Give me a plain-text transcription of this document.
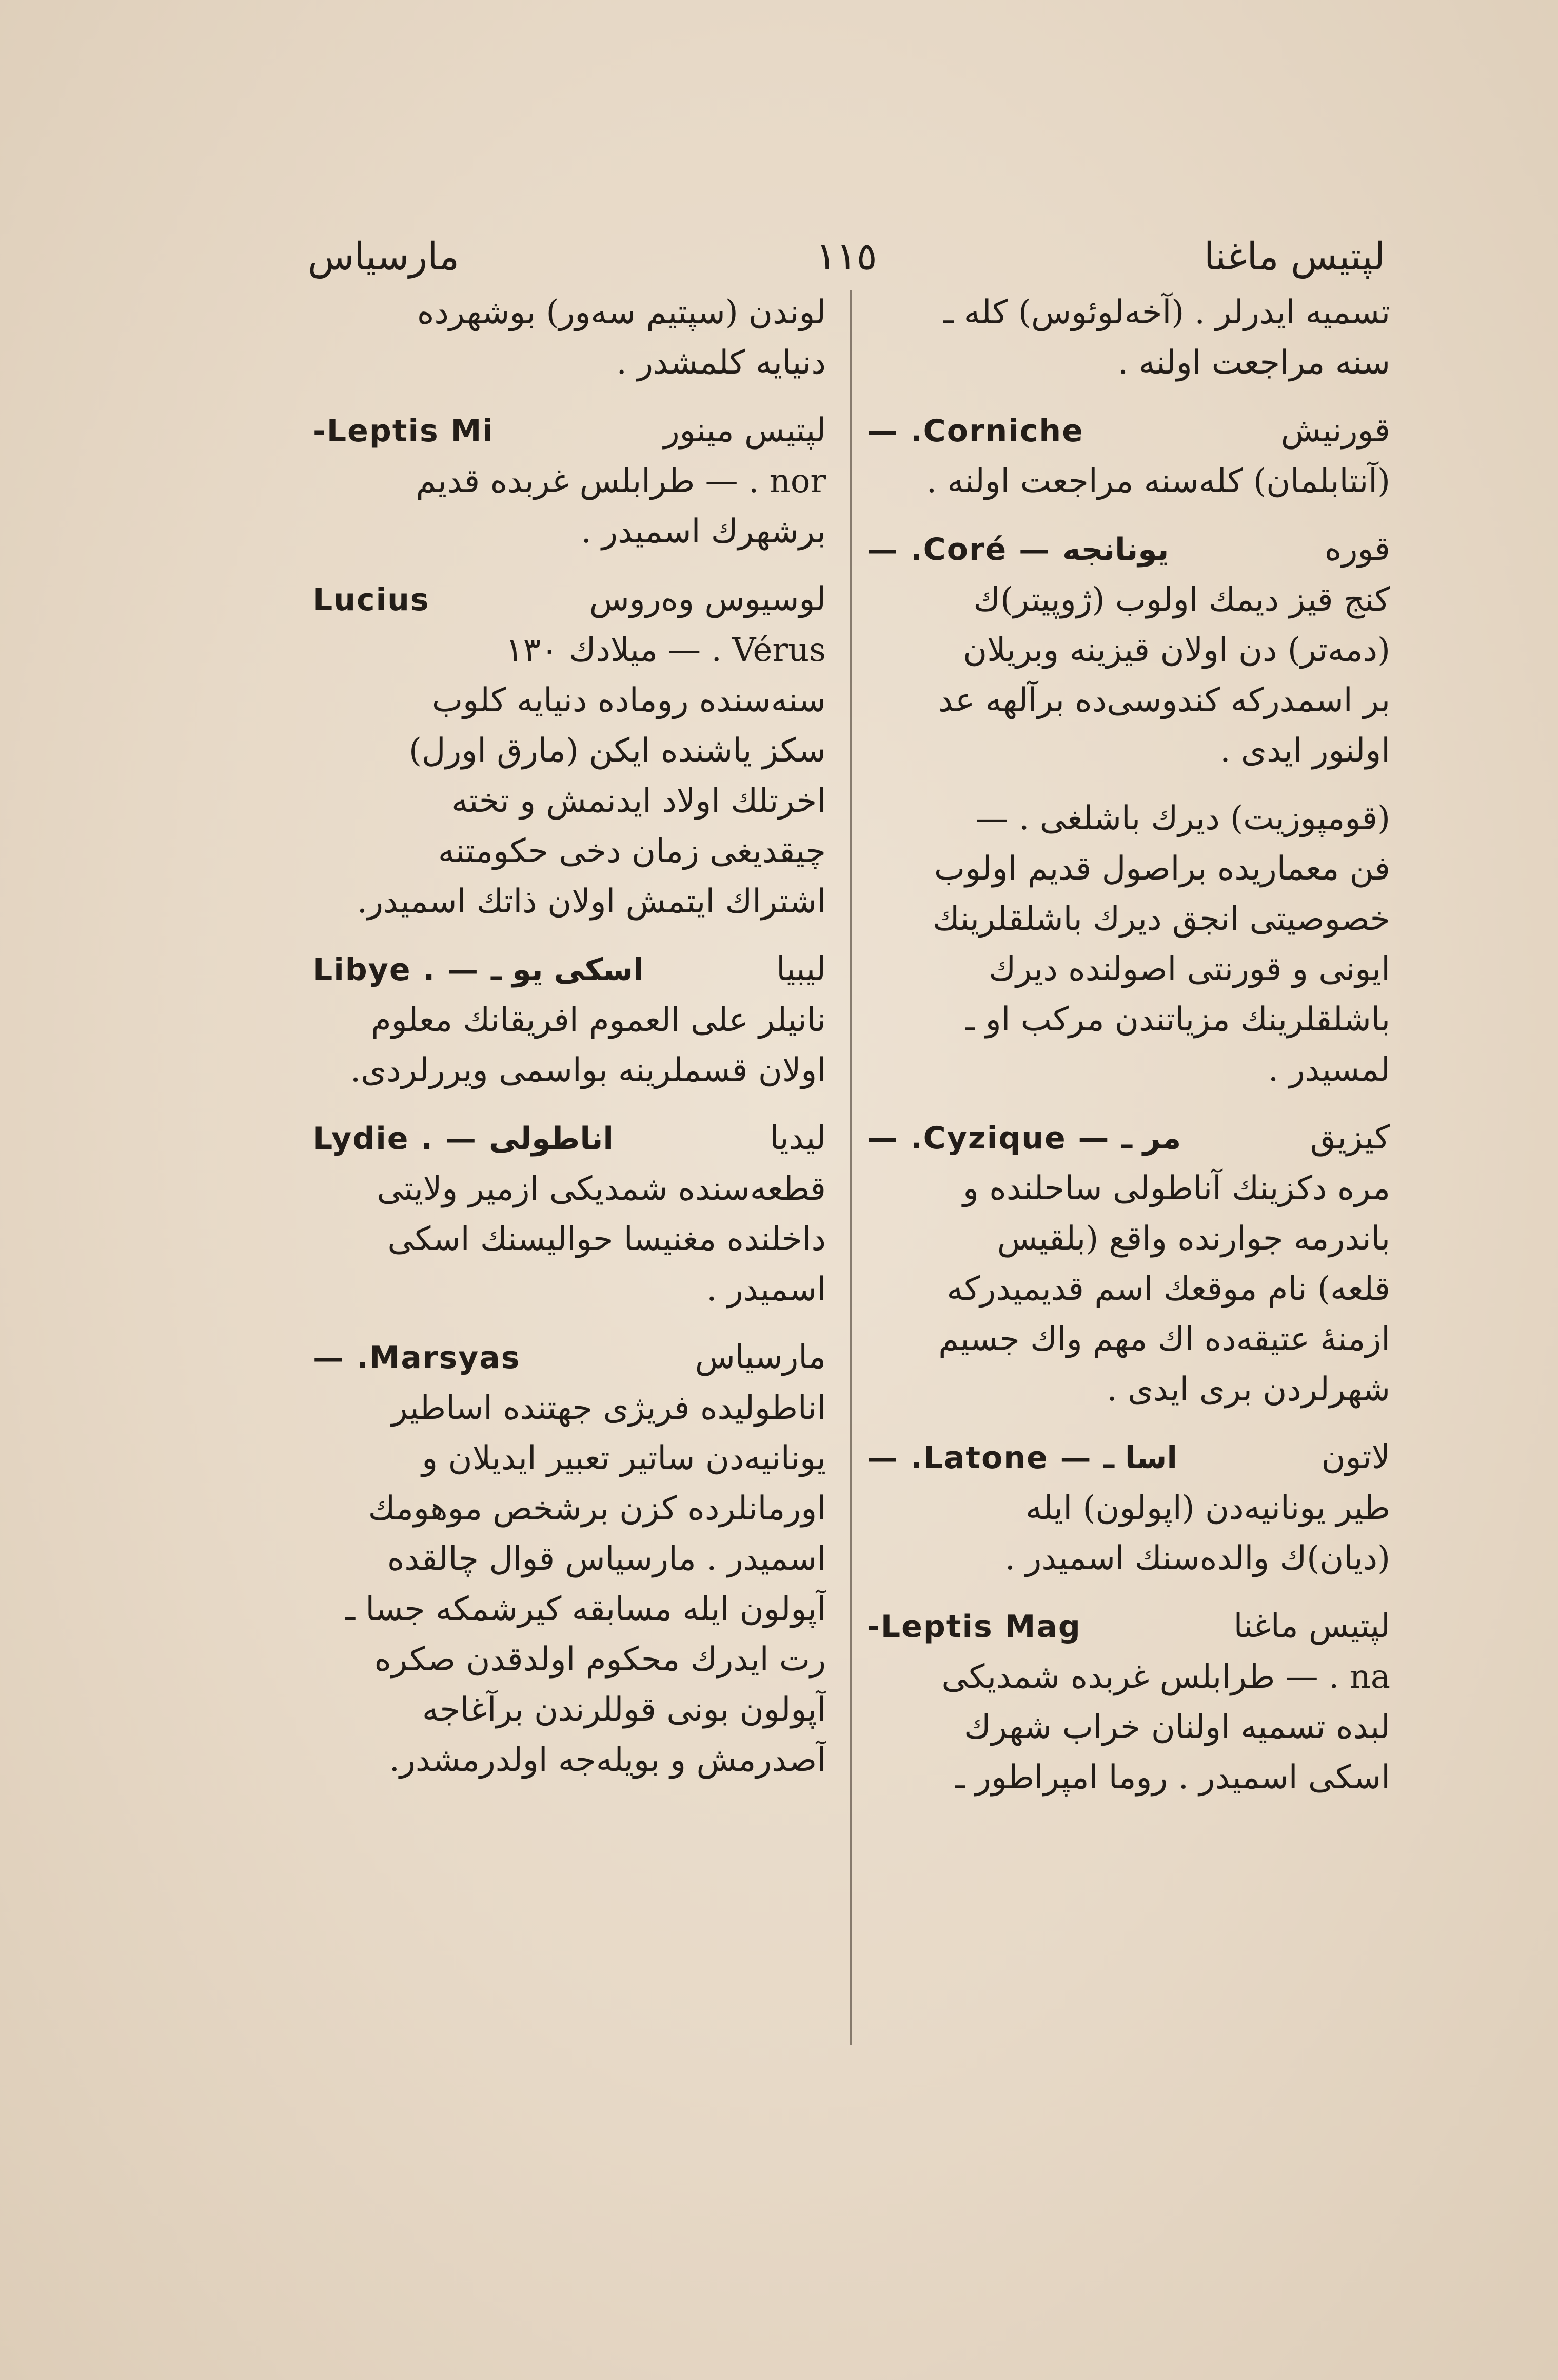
لپتیس ماغنا
١١٥
مارسیاس

تسمیه ایدرلر . (آخه‌لوئوس) کله ـ

سنه مراجعت اولنه .

— .Corniche	قورنیش

(آنتابلمان) کله‌سنه مراجعت اولنه .

— .Coré — یونانجه	قوره

کنج قیز دیمك اولوب (ژوپیتر)ك

(دمه‌تر) دن اولان قیزینه وبریلان

بر اسمدرکه کندوسی‌ده برآلهه عد

اولنور ایدی .

(قومپوزیت) دیرك باشلغی . —

فن معماریده براصول قدیم اولوب

خصوصیتی انجق دیرك باشلقلرینك

ایونی و قورنتی اصولنده دیرك

باشلقلرینك مزیاتندن مرکب او ـ

لمسیدر .

— .Cyzique — مر ـ	کیزیق

مره دکزینك آناطولی ساحلنده و

باندرمه جوارنده واقع (بلقیس

قلعه) نام موقعك اسم قدیمیدرکه

ازمنهٔ عتیقه‌ده اك مهم واك جسیم

شهرلردن بری ایدی .

— .Latone — اسا ـ	لاتون

طیر یونانیه‌دن (اپولون) ایله

(دیان)ك والده‌سنك اسمیدر .

-Leptis Mag	لپتیس ماغنا

na . — طرابلس غربده شمدیکی

لبده تسمیه اولنان خراب شهرك

اسکی اسمیدر . روما امپراطور ـ

لوندن (سپتیم سه‌ور) بوشهرده

دنیایه کلمشدر .

-Leptis Mi	لپتیس مینور

nor . — طرابلس غربده قدیم

برشهرك اسمیدر .

Lucius	لوسیوس وه‌روس

Vérus . — میلادك ١٣٠

سنه‌سنده رومادە دنیایه کلوب

سکز یاشنده ایکن (مارق اورل)

اخرتلك اولاد ایدنمش و تخته

چیقدیغی زمان دخی حکومتنه

اشتراك ایتمش اولان ذاتك اسمیدر.

Libye . — اسکی یو ـ	لیبیا

نانیلر علی العموم افریقانك معلوم

اولان قسملرینه بواسمی ویررلردی.

Lydie . — اناطولی	لیدیا

قطعه‌سنده شمدیکی ازمیر ولایتی

داخلنده مغنیسا حوالیسنك اسکی

اسمیدر .

— .Marsyas	مارسیاس

اناطولیده فریژی جهتنده اساطیر

یونانیه‌دن ساتیر تعبیر ایدیلان و

اورمانلرده کزن برشخص موهومك

اسمیدر . مارسیاس قوال چالقده

آپولون ایله مسابقه کیرشمکه جسا ـ

رت ایدرك محکوم اولدقدن صکره

آپولون بونی قوللرندن برآغاجه

آصدرمش و بویله‌جه اولدرمشدر.
